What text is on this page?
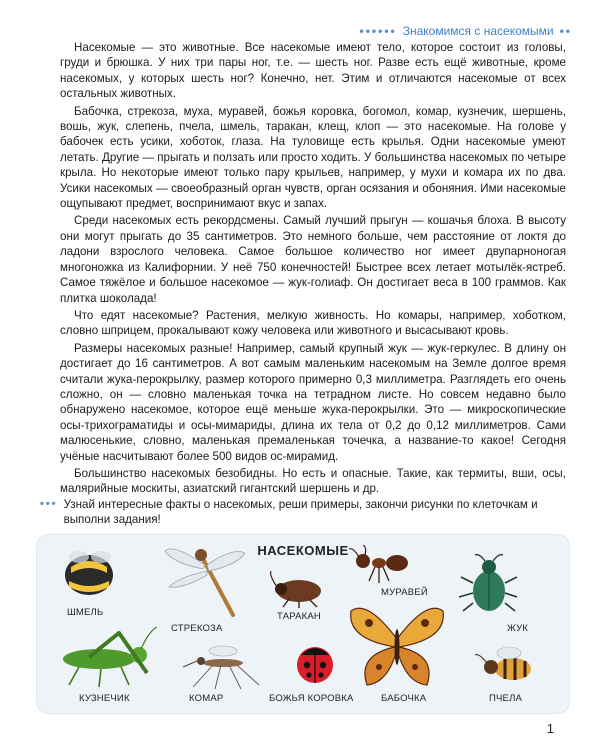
•••••• Знакомимся с насекомыми ••

Насекомые — это животные. Все насекомые имеют тело, которое состоит из головы, груди и брюшка. У них три пары ног, т.е. — шесть ног. Разве есть ещё животные, кроме насекомых, у которых шесть ног? Конечно, нет. Этим и отличаются насекомые от всех остальных животных.

Бабочка, стрекоза, муха, муравей, божья коровка, богомол, комар, кузнечик, шершень, вошь, жук, слепень, пчела, шмель, таракан, клещ, клоп — это насекомые. На голове у бабочек есть усики, хоботок, глаза. На туловище есть крылья. Одни насекомые умеют летать. Другие — прыгать и ползать или просто ходить. У большинства насекомых по четыре крыла. Но некоторые имеют только пару крыльев, например, у мухи и комара их по два. Усики насекомых — своеобразный орган чувств, орган осязания и обоняния. Ими насекомые ощупывают предмет, воспринимают вкус и запах.

Среди насекомых есть рекордсмены. Самый лучший прыгун — кошачья блоха. В высоту они могут прыгать до 35 сантиметров. Это немного больше, чем расстояние от локтя до ладони взрослого человека. Самое большое количество ног имеет двупарноногая многоножка из Калифорнии. У неё 750 конечностей! Быстрее всех летает мотылёк-ястреб. Самое тяжёлое и большое насекомое — жук-голиаф. Он достигает веса в 100 граммов. Как плитка шоколада!

Что едят насекомые? Растения, мелкую живность. Но комары, например, хоботком, словно шприцем, прокалывают кожу человека или животного и высасывают кровь.

Размеры насекомых разные! Например, самый крупный жук — жук-геркулес. В длину он достигает до 16 сантиметров. А вот самым маленьким насекомым на Земле долгое время считали жука-перокрылку, размер которого примерно 0,3 миллиметра. Разглядеть его очень сложно, он — словно маленькая точка на тетрадном листе. Но совсем недавно было обнаружено насекомое, которое ещё меньше жука-перокрылки. Это — микроскопические осы-трихограматиды и осы-мимариды, длина их тела от 0,2 до 0,12 миллиметров. Сами малюсенькие, словно, маленькая премаленькая точечка, а название-то какое! Сегодня учёные насчитывают более 500 видов ос-мирамид.

Большинство насекомых безобидны. Но есть и опасные. Такие, как термиты, вши, осы, малярийные москиты, азиатский гигантский шершень и др.

••• Узнай интересные факты о насекомых, реши примеры, закончи рисунки по клеточкам и выполни задания!
НАСЕКОМЫЕ
ШМЕЛЬ
СТРЕКОЗА
ТАРАКАН
МУРАВЕЙ
ЖУК
КУЗНЕЧИК	КОМАР	БОЖЬЯ КОРОВКА	БАБОЧКА	ПЧЕЛА
1
